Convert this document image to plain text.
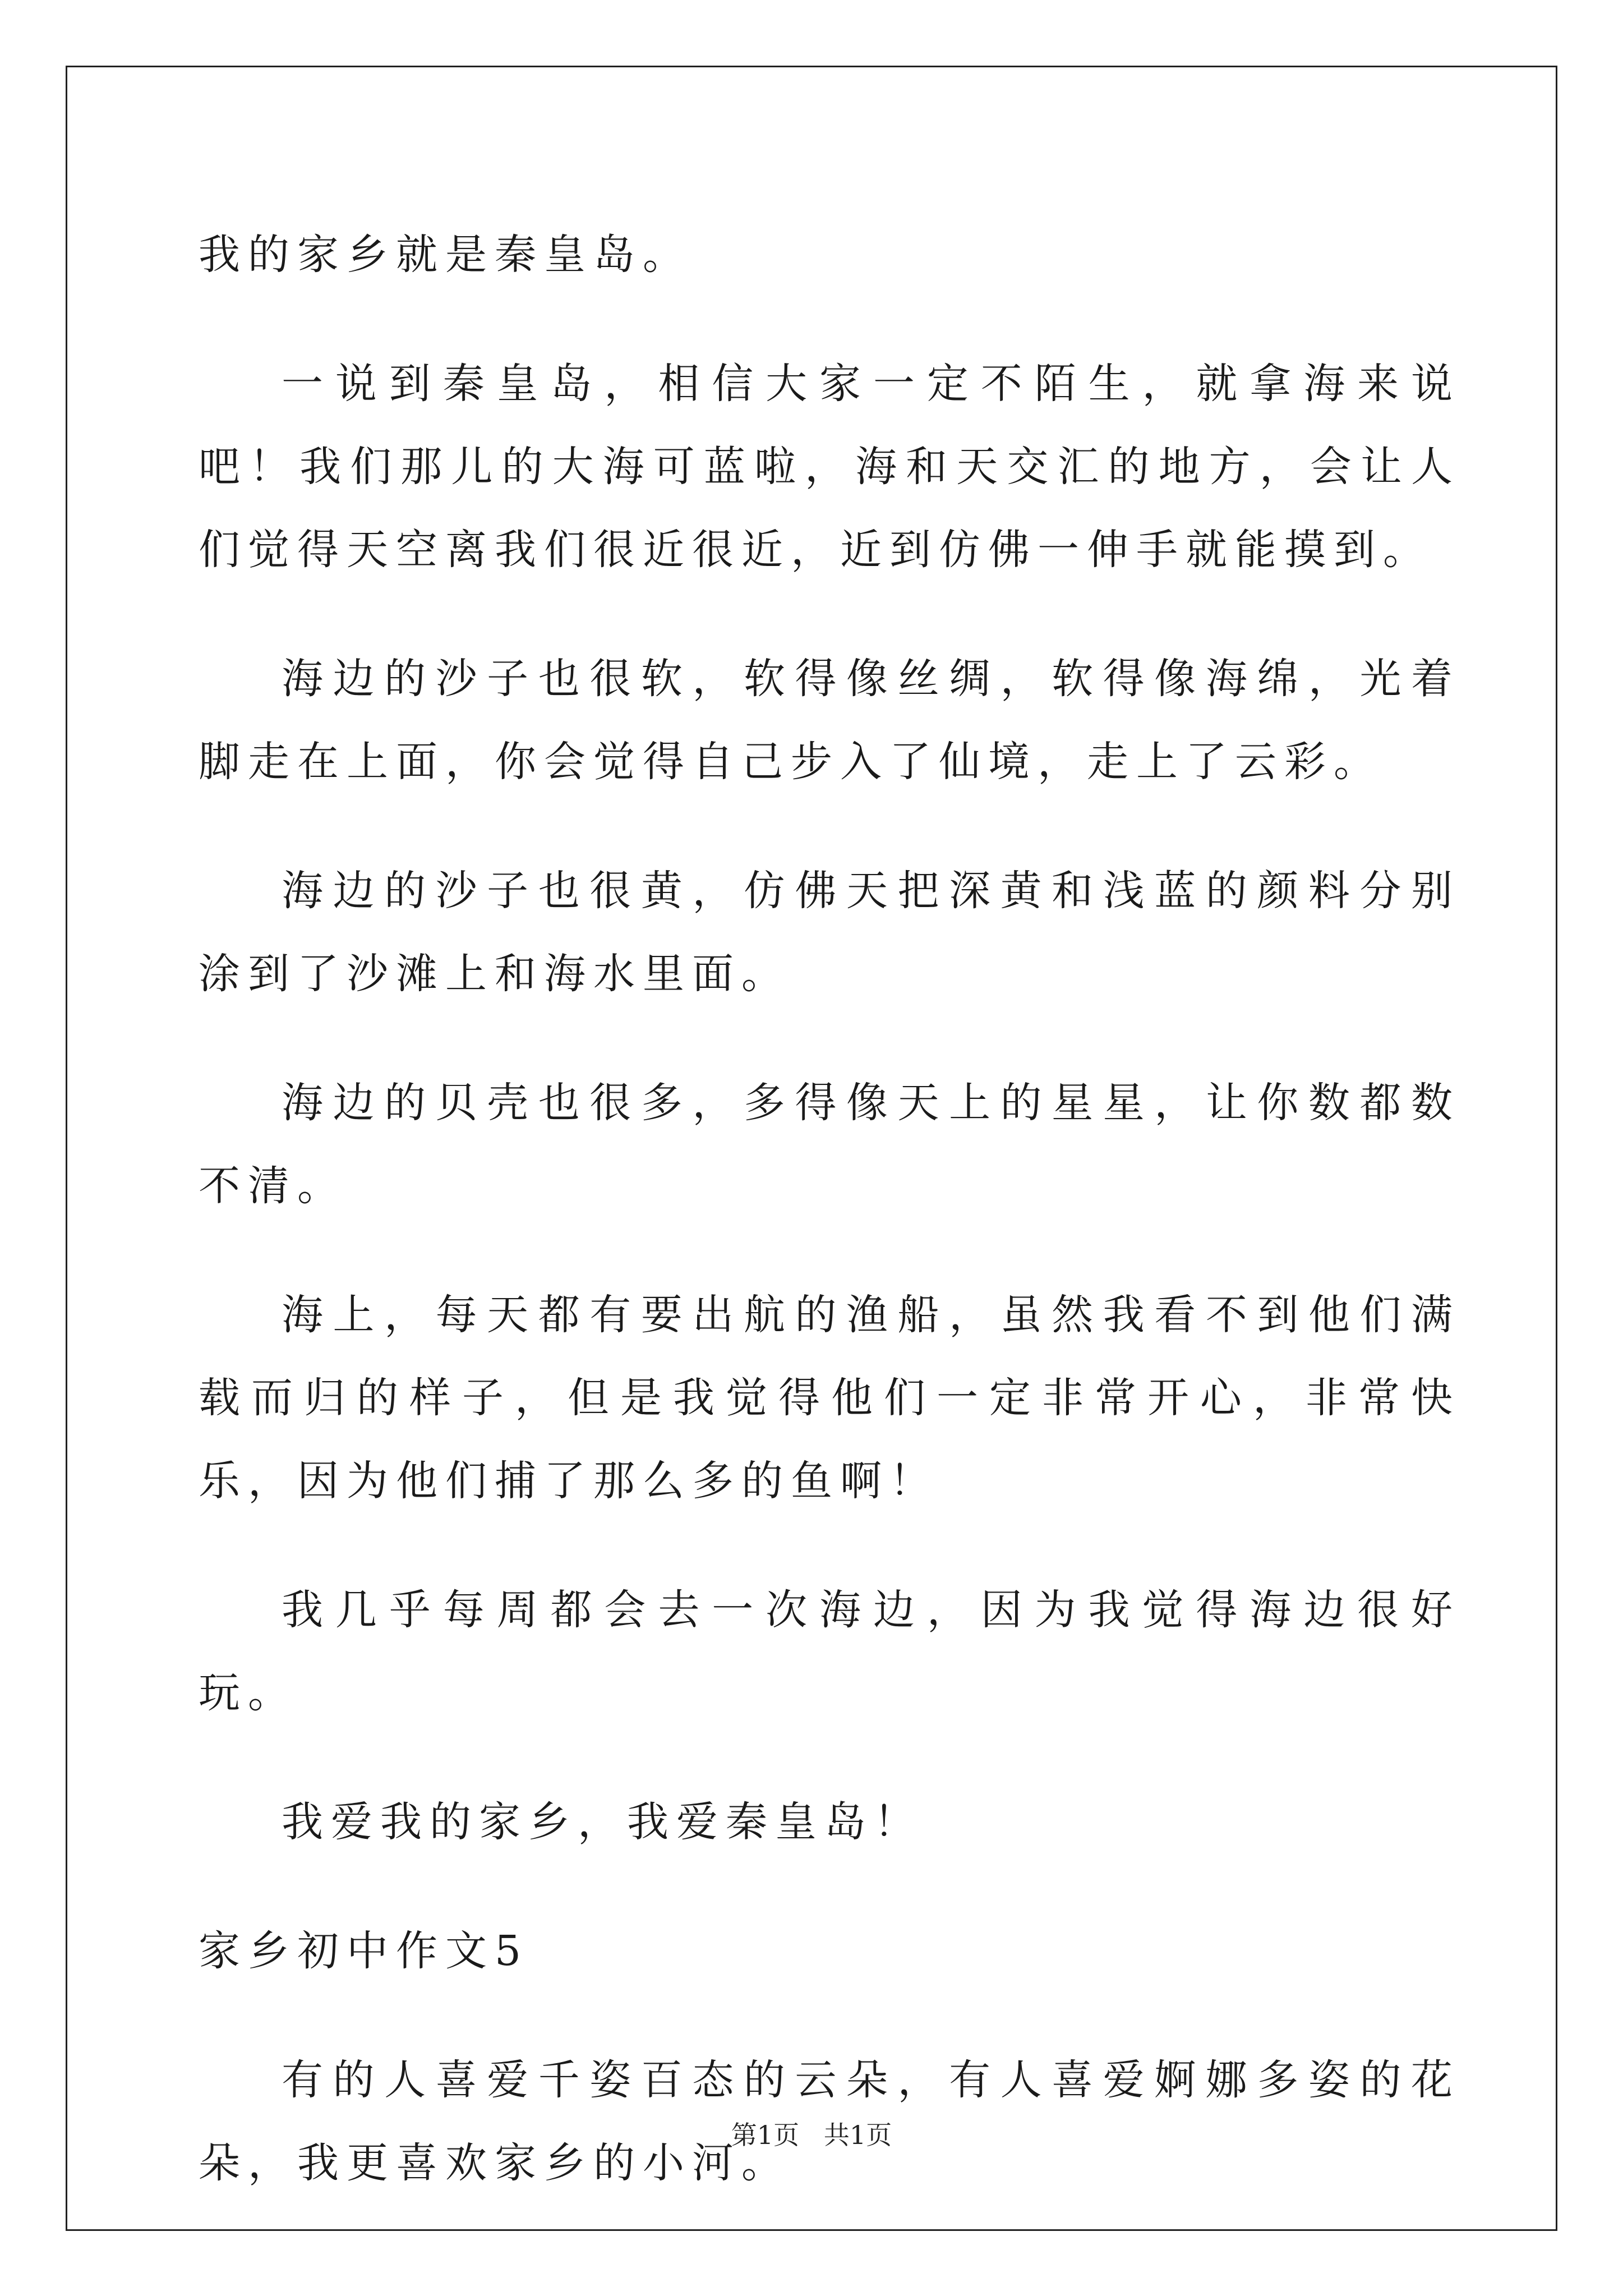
我的家乡就是秦皇岛。

一说到秦皇岛，相信大家一定不陌生，就拿海来说吧！我们那儿的大海可蓝啦，海和天交汇的地方，会让人们觉得天空离我们很近很近，近到仿佛一伸手就能摸到。

海边的沙子也很软，软得像丝绸，软得像海绵，光着脚走在上面，你会觉得自己步入了仙境，走上了云彩。

海边的沙子也很黄，仿佛天把深黄和浅蓝的颜料分别涂到了沙滩上和海水里面。

海边的贝壳也很多，多得像天上的星星，让你数都数不清。

海上，每天都有要出航的渔船，虽然我看不到他们满载而归的样子，但是我觉得他们一定非常开心，非常快乐，因为他们捕了那么多的鱼啊！

我几乎每周都会去一次海边，因为我觉得海边很好玩。

我爱我的家乡，我爱秦皇岛！

家乡初中作文5

有的人喜爱千姿百态的云朵，有人喜爱婀娜多姿的花朵，我更喜欢家乡的小河。

第1页   共1页
